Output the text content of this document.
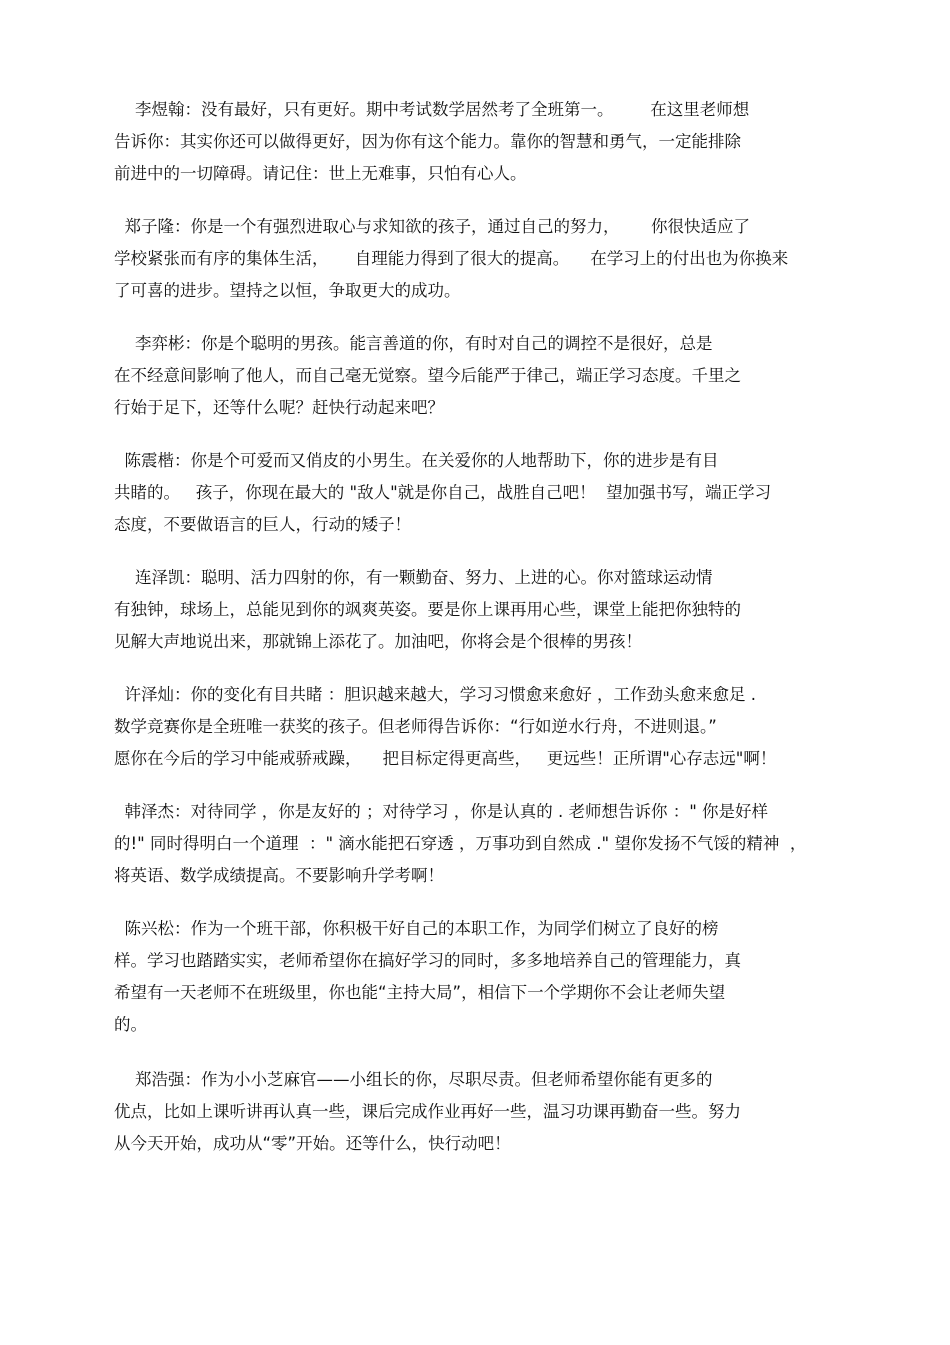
李煜翰：没有最好，只有更好。期中考试数学居然考了全班第一。       在这里老师想
告诉你：其实你还可以做得更好，因为你有这个能力。靠你的智慧和勇气，一定能排除
前进中的一切障碍。请记住：世上无难事，只怕有心人。
郑子隆：你是一个有强烈进取心与求知欲的孩子，通过自己的努力，      你很快适应了
学校紧张而有序的集体生活，     自理能力得到了很大的提高。    在学习上的付出也为你换来
了可喜的进步。望持之以恒，争取更大的成功。
李弈彬：你是个聪明的男孩。能言善道的你，有时对自己的调控不是很好，总是
在不经意间影响了他人，而自己毫无觉察。望今后能严于律己，端正学习态度。千里之
行始于足下，还等什么呢？赶快行动起来吧？
陈震楷：你是个可爱而又俏皮的小男生。在关爱你的人地帮助下，你的进步是有目
共睹的。   孩子，你现在最大的 "敌人"就是你自己，战胜自己吧！  望加强书写，端正学习
态度，不要做语言的巨人，行动的矮子！
连泽凯：聪明、活力四射的你，有一颗勤奋、努力、上进的心。你对篮球运动情
有独钟，球场上，总能见到你的飒爽英姿。要是你上课再用心些，课堂上能把你独特的
见解大声地说出来，那就锦上添花了。加油吧，你将会是个很棒的男孩！
许泽灿：你的变化有目共睹 ：胆识越来越大，学习习惯愈来愈好 ，工作劲头愈来愈足 .
数学竞赛你是全班唯一获奖的孩子。但老师得告诉你：“行如逆水行舟，不进则退。”
愿你在今后的学习中能戒骄戒躁，    把目标定得更高些，   更远些！正所谓"心存志远"啊！
韩泽杰：对待同学 ，你是友好的 ；对待学习 ，你是认真的 . 老师想告诉你 ：" 你是好样
的!" 同时得明白一个道理  ：" 滴水能把石穿透 ，万事功到自然成 ." 望你发扬不气馁的精神  ，
将英语、数学成绩提高。不要影响升学考啊！
陈兴松：作为一个班干部，你积极干好自己的本职工作，为同学们树立了良好的榜
样。学习也踏踏实实，老师希望你在搞好学习的同时，多多地培养自己的管理能力，真
希望有一天老师不在班级里，你也能“主持大局”，相信下一个学期你不会让老师失望
的。
郑浩强：作为小小芝麻官——小组长的你，尽职尽责。但老师希望你能有更多的
优点，比如上课听讲再认真一些，课后完成作业再好一些，温习功课再勤奋一些。努力
从今天开始，成功从“零”开始。还等什么，快行动吧！
